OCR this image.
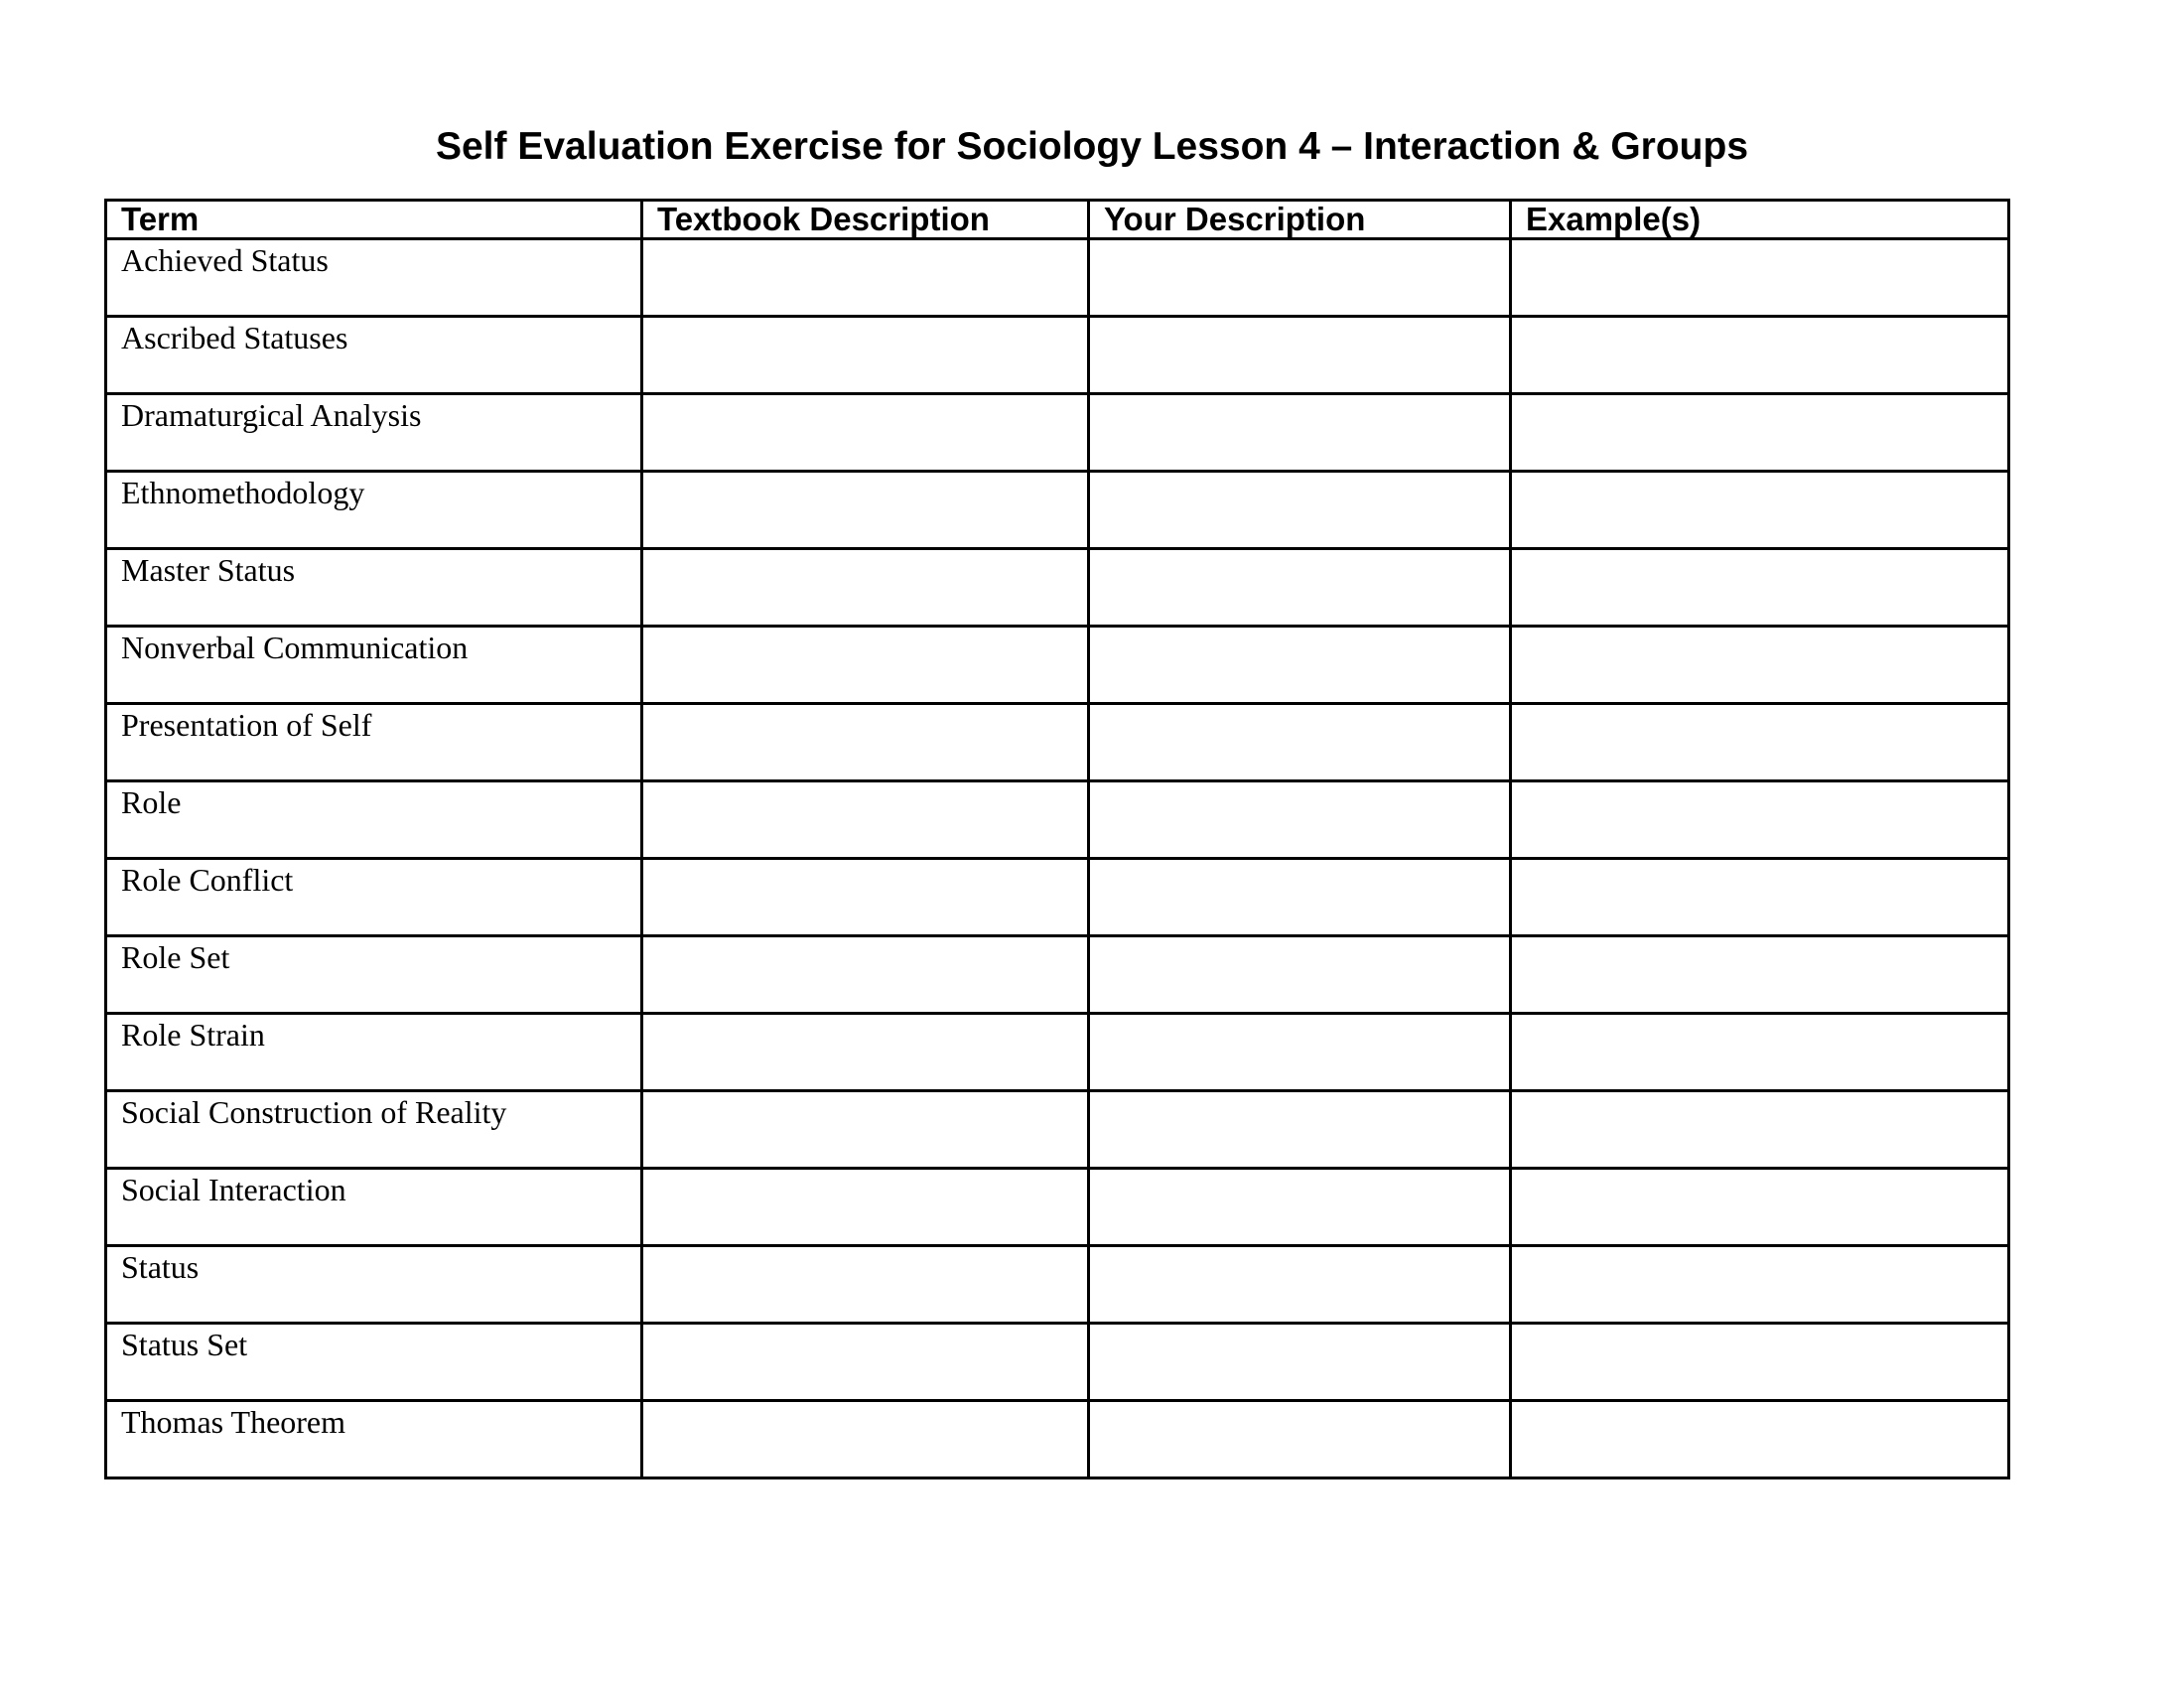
Self Evaluation Exercise for Sociology Lesson 4 – Interaction & Groups
Term	Textbook Description	Your Description	Example(s)
Achieved Status			
Ascribed Statuses			
Dramaturgical Analysis			
Ethnomethodology			
Master Status			
Nonverbal Communication			
Presentation of Self			
Role			
Role Conflict			
Role Set			
Role Strain			
Social Construction of Reality			
Social Interaction			
Status			
Status Set			
Thomas Theorem			
